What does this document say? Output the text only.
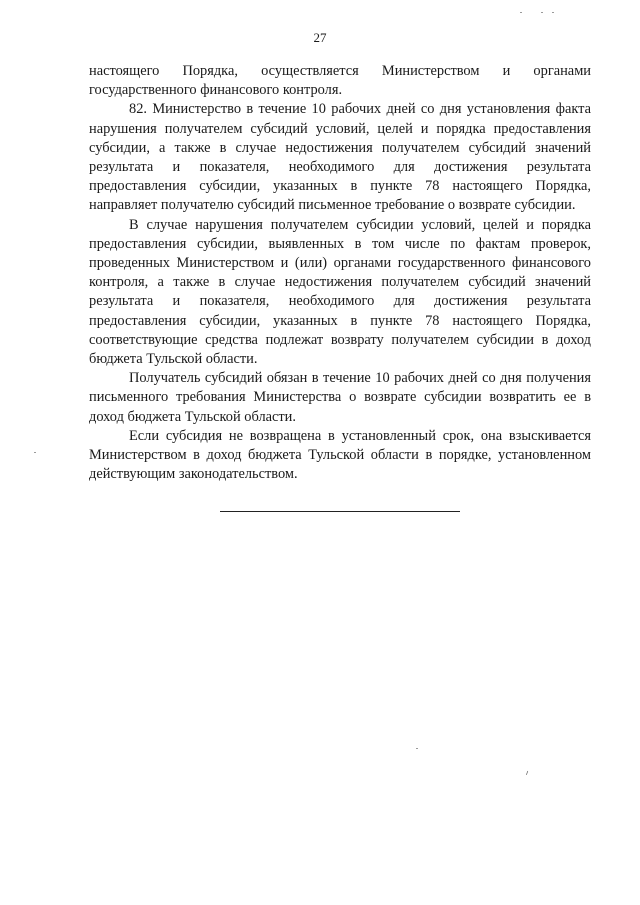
27

настоящего Порядка, осуществляется Министерством и органами государственного финансового контроля.

82. Министерство в течение 10 рабочих дней со дня установления факта нарушения получателем субсидий условий, целей и порядка предоставления субсидии, а также в случае недостижения получателем субсидий значений результата и показателя, необходимого для достижения результата предоставления субсидии, указанных в пункте 78 настоящего Порядка, направляет получателю субсидий письменное требование о возврате субсидии.

В случае нарушения получателем субсидии условий, целей и порядка предоставления субсидии, выявленных в том числе по фактам проверок, проведенных Министерством и (или) органами государственного финансового контроля, а также в случае недостижения получателем субсидий значений результата и показателя, необходимого для достижения результата предоставления субсидии, указанных в пункте 78 настоящего Порядка, соответствующие средства подлежат возврату получателем субсидии в доход бюджета Тульской области.

Получатель субсидий обязан в течение 10 рабочих дней со дня получения письменного требования Министерства о возврате субсидии возвратить ее в доход бюджета Тульской области.

Если субсидия не возвращена в установленный срок, она взыскивается Министерством в доход бюджета Тульской области в порядке, установленном действующим законодательством.

ᐟ
